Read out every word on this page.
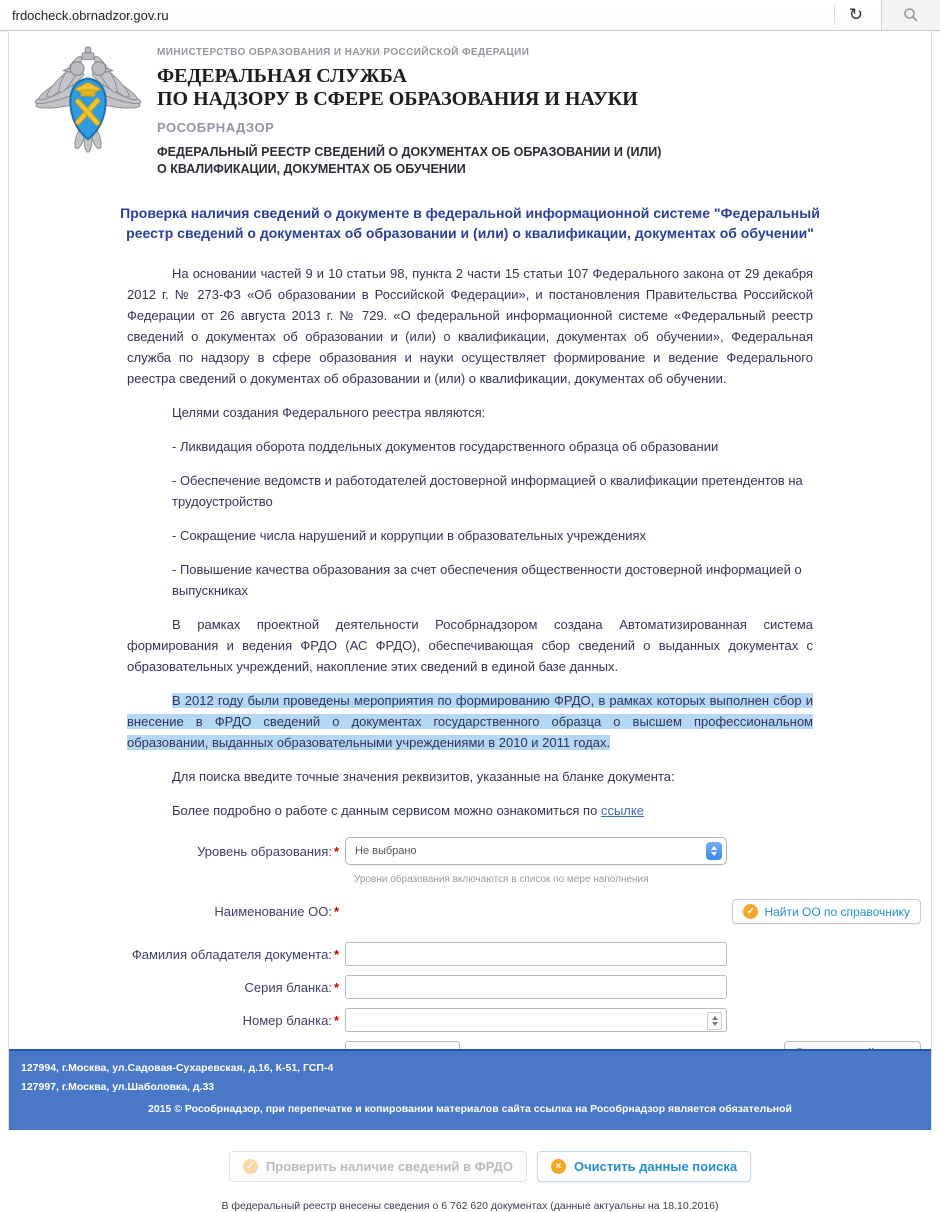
frdocheck.obrnadzor.gov.ru	↻
МИНИСТЕРСТВО ОБРАЗОВАНИЯ И НАУКИ РОССИЙСКОЙ ФЕДЕРАЦИИ
ФЕДЕРАЛЬНАЯ СЛУЖБА
ПО НАДЗОРУ В СФЕРЕ ОБРАЗОВАНИЯ И НАУКИ
РОСОБРНАДЗОР
ФЕДЕРАЛЬНЫЙ РЕЕСТР СВЕДЕНИЙ О ДОКУМЕНТАХ ОБ ОБРАЗОВАНИИ И (ИЛИ)
О КВАЛИФИКАЦИИ, ДОКУМЕНТАХ ОБ ОБУЧЕНИИ
Проверка наличия сведений о документе в федеральной информационной системе "Федеральный реестр сведений о документах об образовании и (или) о квалификации, документах об обучении"

На основании частей 9 и 10 статьи 98, пункта 2 части 15 статьи 107 Федерального закона от 29 декабря 2012 г. № 273-ФЗ «Об образовании в Российской Федерации», и постановления Правительства Российской Федерации от 26 августа 2013 г. № 729. «О федеральной информационной системе «Федеральный реестр сведений о документах об образовании и (или) о квалификации, документах об обучении», Федеральная служба по надзору в сфере образования и науки осуществляет формирование и ведение Федерального реестра сведений о документах об образовании и (или) о квалификации, документах об обучении.

Целями создания Федерального реестра являются:

- Ликвидация оборота поддельных документов государственного образца об образовании
- Обеспечение ведомств и работодателей достоверной информацией о квалификации претендентов на трудоустройство
- Сокращение числа нарушений и коррупции в образовательных учреждениях
- Повышение качества образования за счет обеспечения общественности достоверной информацией о выпускниках

В рамках проектной деятельности Рособрнадзором создана Автоматизированная система формирования и ведения ФРДО (АС ФРДО), обеспечивающая сбор сведений о выданных документах с образовательных учреждений, накопление этих сведений в единой базе данных.

В 2012 году были проведены мероприятия по формированию ФРДО, в рамках которых выполнен сбор и внесение в ФРДО сведений о документах государственного образца о высшем профессиональном образовании, выданных образовательными учреждениями в 2010 и 2011 годах.

Для поиска введите точные значения реквизитов, указанные на бланке документа:

Более подробно о работе с данным сервисом можно ознакомиться по ссылке

Уровень образования: *	Не выбрано
Уровни образования включаются в список по мере наполнения
Наименование ОО: *	✓ Найти ОО по справочнику
Фамилия обладателя документа: *
Серия бланка: *
Номер бланка: *
✓ Проверить наличие сведений в ФРДО	× Очистить данные поиска
В федеральный реестр внесены сведения о 6 762 620 документах (данные актуальны на 18.10.2016)
127994, г.Москва, ул.Садовая-Сухаревская, д.16, К-51, ГСП-4
127997, г.Москва, ул.Шаболовка, д.33
2015 © Рособрнадзор, при перепечатке и копировании материалов сайта ссылка на Рособрнадзор является обязательной
